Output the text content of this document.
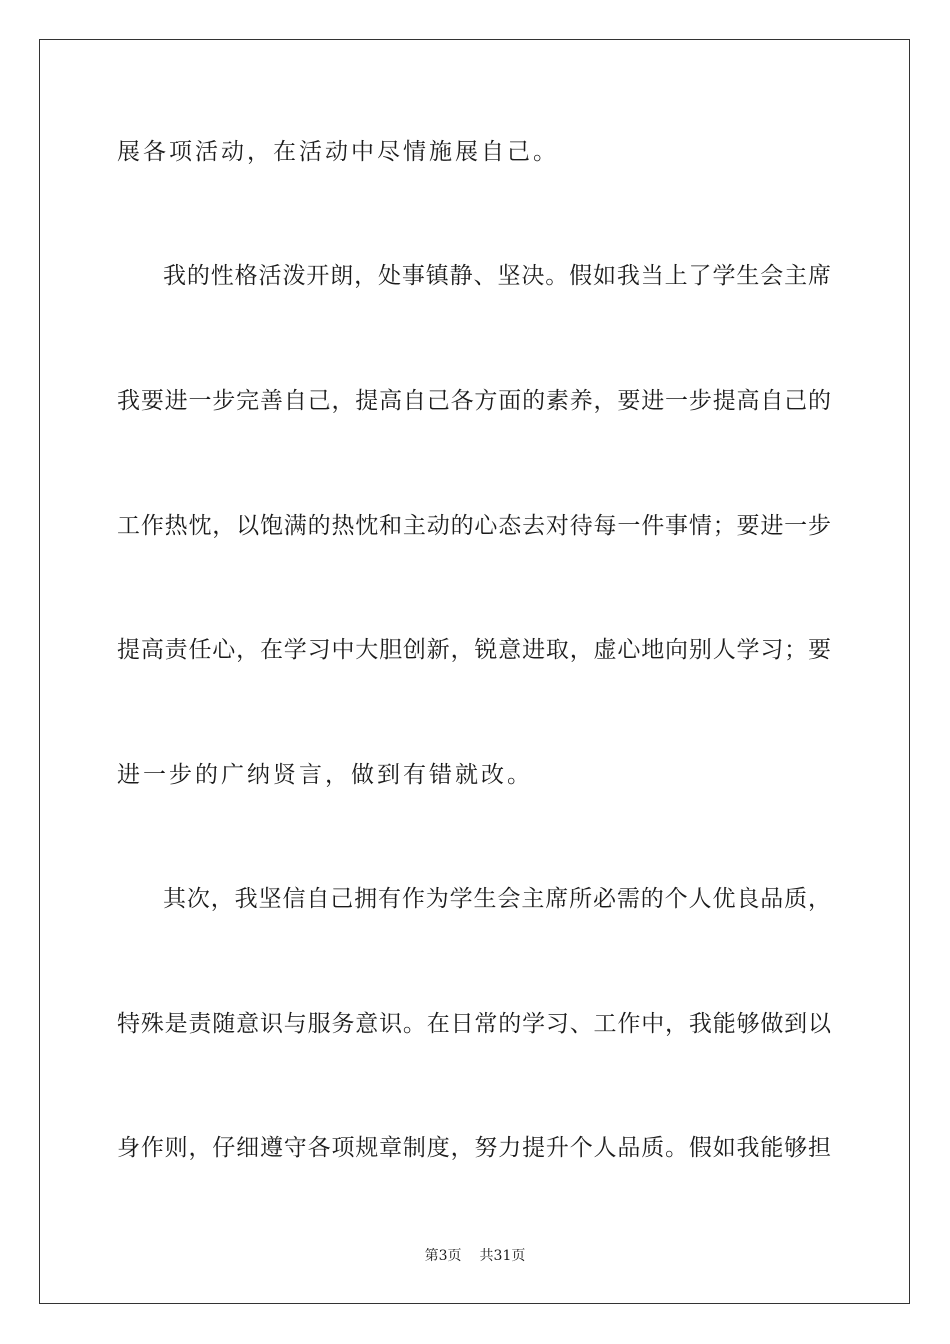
展各项活动，在活动中尽情施展自己。
我的性格活泼开朗，处事镇静、坚决。假如我当上了学生会主席
我要进一步完善自己，提高自己各方面的素养，要进一步提高自己的
工作热忱，以饱满的热忱和主动的心态去对待每一件事情；要进一步
提高责任心，在学习中大胆创新，锐意进取，虚心地向别人学习；要
进一步的广纳贤言，做到有错就改。
其次，我坚信自己拥有作为学生会主席所必需的个人优良品质，
特殊是责随意识与服务意识。在日常的学习、工作中，我能够做到以
身作则，仔细遵守各项规章制度，努力提升个人品质。假如我能够担
第3页 共31页
